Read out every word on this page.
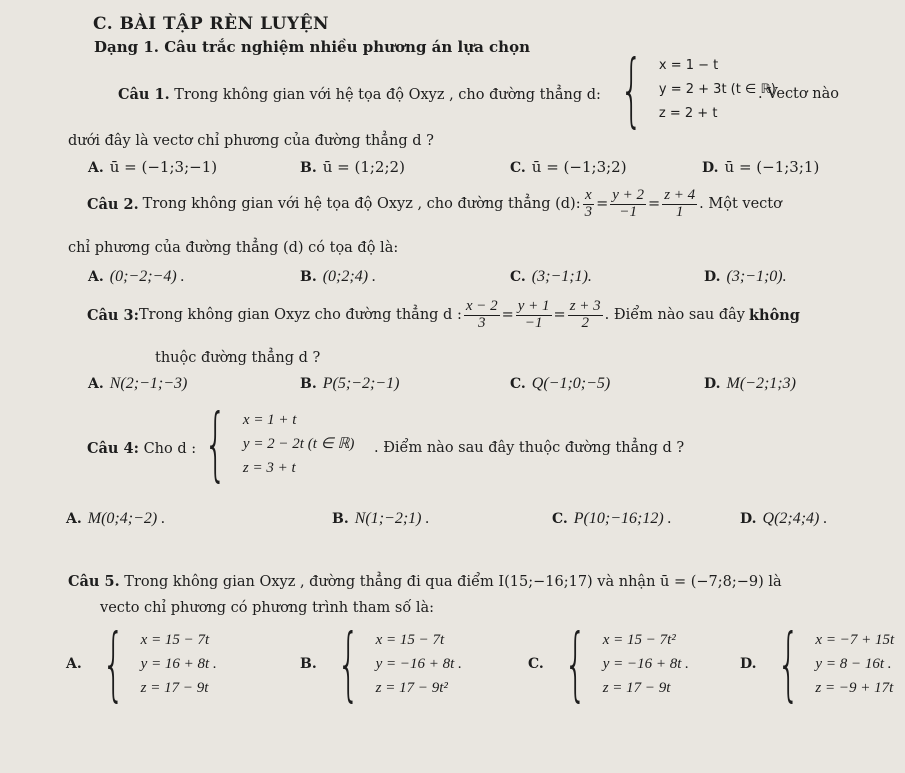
C. BÀI TẬP RÈN LUYỆN
Dạng 1. Câu trắc nghiệm nhiều phương án lựa chọn
Câu 1. Trong không gian với hệ tọa độ Oxyz , cho đường thẳng d: { x = 1 − t
y = 2 + 3t (t ∈ ℝ)
z = 2 + t
. Vectơ nào
dưới đây là vectơ chỉ phương của đường thẳng d ?
A. ū = (−1;3;−1)	B. ū = (1;2;2)	C. ū = (−1;3;2)	D. ū = (−1;3;1)
Câu 2. Trong không gian với hệ tọa độ Oxyz , cho đường thẳng (d): $\frac{x}{3} = \frac{y + 2}{-1} = \frac{z + 4}{1}$ . Một vectơ
chỉ phương của đường thẳng (d) có tọa độ là:
A. (0;−2;−4) .	B. (0;2;4) .	C. (3;−1;1).	D. (3;−1;0).
Câu 3: Trong không gian Oxyz cho đường thẳng d : $\frac{x - 2}{3} = \frac{y + 1}{-1} = \frac{z + 3}{2}$ . Điểm nào sau đây không
thuộc đường thẳng d ?
A. N(2;−1;−3)	B. P(5;−2;−1)	C. Q(−1;0;−5)	D. M(−2;1;3)
Câu 4: Cho d : { x = 1 + t
y = 2 − 2t (t ∈ ℝ)
z = 3 + t
. Điểm nào sau đây thuộc đường thẳng d ?
A. M(0;4;−2) .	B. N(1;−2;1) .	C. P(10;−16;12) .	D. Q(2;4;4) .
Câu 5. Trong không gian Oxyz , đường thẳng đi qua điểm I(15;−16;17) và nhận ū = (−7;8;−9) là
vecto chỉ phương có phương trình tham số là:
A. { x = 15 − 7t
y = 16 + 8t .
z = 17 − 9t
B. { x = 15 − 7t
y = −16 + 8t .
z = 17 − 9t²
C. { x = 15 − 7t²
y = −16 + 8t .
z = 17 − 9t
D. { x = −7 + 15t
y = 8 − 16t .
z = −9 + 17t
